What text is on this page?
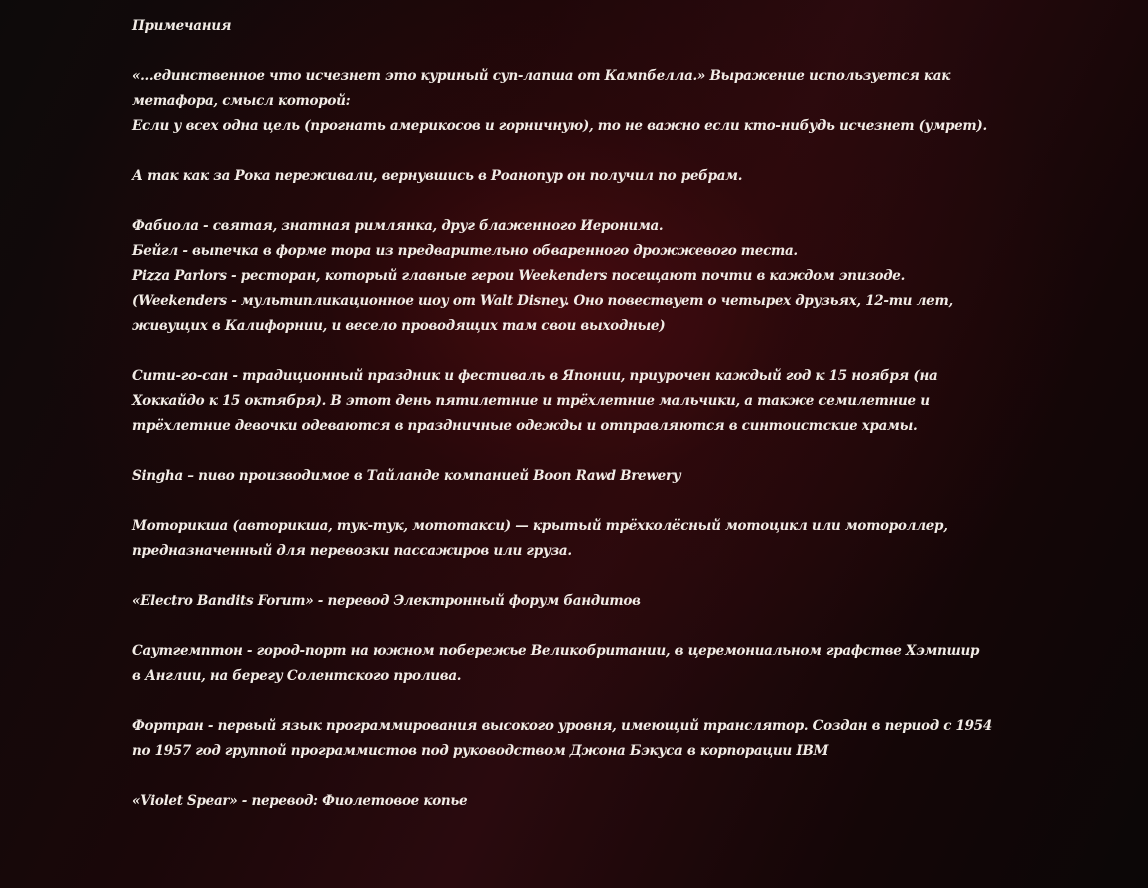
Примечания

«…единственное что исчезнет это куриный суп-лапша от Кампбелла.» Выражение используется как метафора, смысл которой:
Если у всех одна цель (прогнать америкосов и горничную), то не важно если кто-нибудь исчезнет (умрет).

А так как за Рока переживали, вернувшись в Роанопур он получил по ребрам.

Фабиола - святая, знатная римлянка, друг блаженного Иеронима.
Бейгл - выпечка в форме тора из предварительно обваренного дрожжевого теста.
Pizza Parlors - ресторан, который главные герои Weekenders посещают почти в каждом эпизоде. (Weekenders - мультипликационное шоу от Walt Disney. Оно повествует о четырех друзьях, 12-ти лет, живущих в Калифорнии, и весело проводящих там свои выходные)

Сити-го-сан - традиционный праздник и фестиваль в Японии, приурочен каждый год к 15 ноября (на Хоккайдо к 15 октября). В этот день пятилетние и трёхлетние мальчики, а также семилетние и трёхлетние девочки одеваются в праздничные одежды и отправляются в синтоистские храмы.

Singha – пиво производимое в Тайланде компанией Boon Rawd Brewery

Моторикша (авторикша, тук-тук, мототакси) — крытый трёхколёсный мотоцикл или мотороллер, предназначенный для перевозки пассажиров или груза.

«Electro Bandits Forum» - перевод Электронный форум бандитов

Саутгемптон - город-порт на южном побережье Великобритании, в церемониальном графстве Хэмпшир в Англии, на берегу Солентского пролива.

Фортран - первый язык программирования высокого уровня, имеющий транслятор. Создан в период с 1954 по 1957 год группой программистов под руководством Джона Бэкуса в корпорации IBM

«Violet Spear» - перевод: Фиолетовое копье
